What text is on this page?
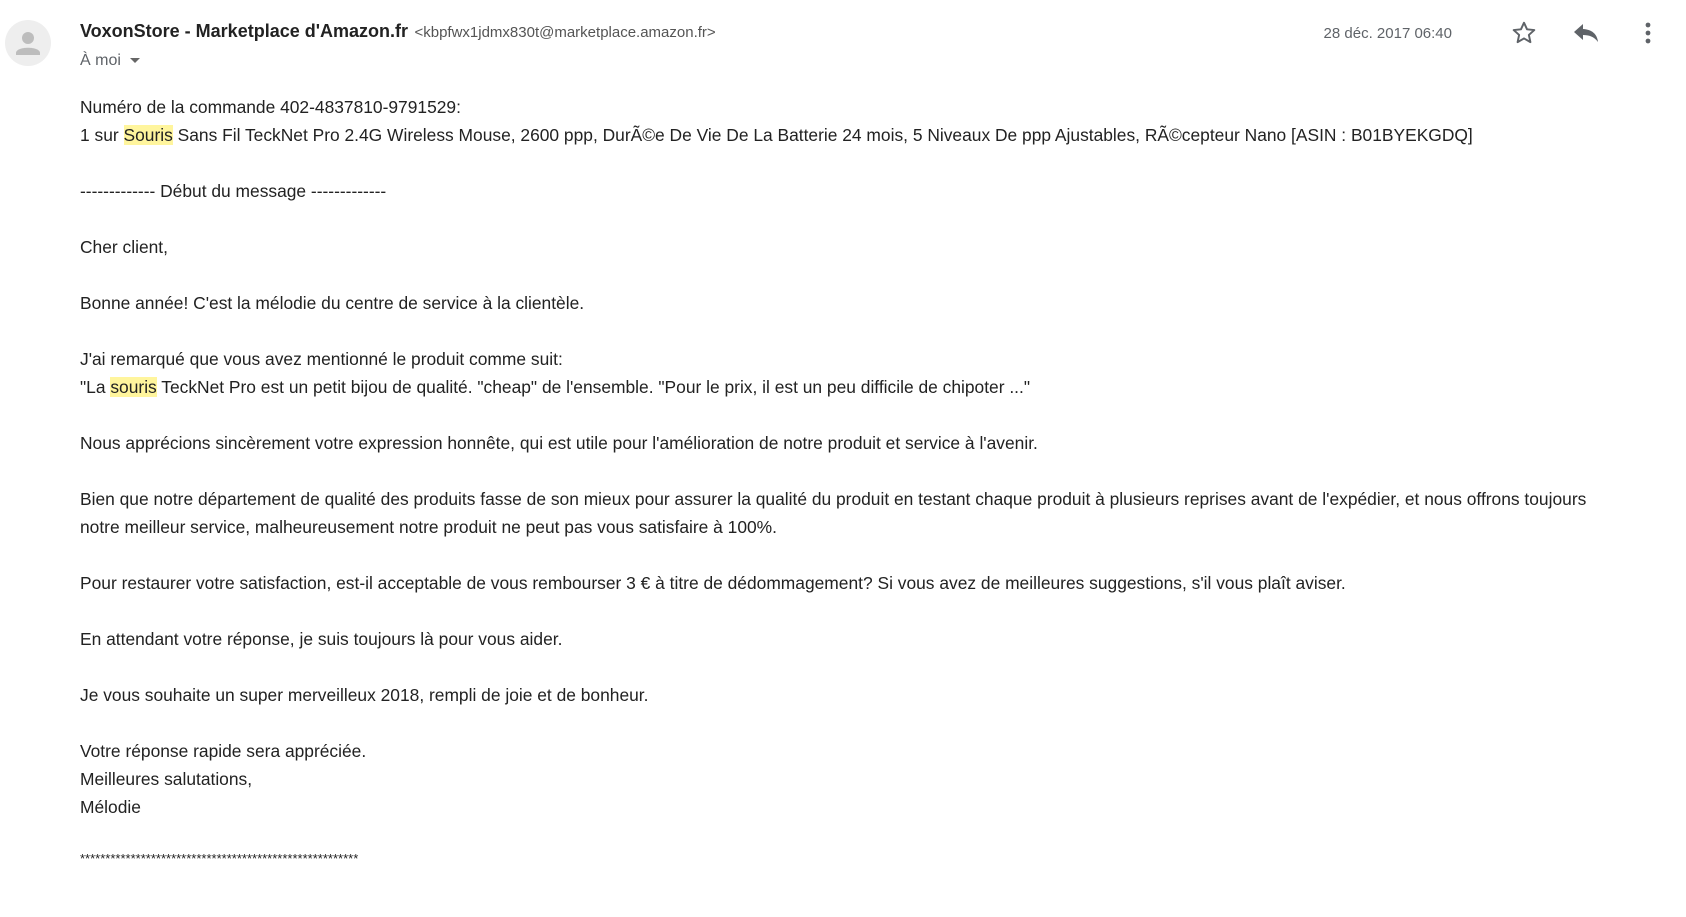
VoxonStore - Marketplace d'Amazon.fr <kbpfwx1jdmx830t@marketplace.amazon.fr>
À moi
28 déc. 2017 06:40

Numéro de la commande 402-4837810-9791529:
1 sur Souris Sans Fil TeckNet Pro 2.4G Wireless Mouse, 2600 ppp, DurÃ©e De Vie De La Batterie 24 mois, 5 Niveaux De ppp Ajustables, RÃ©cepteur Nano [ASIN : B01BYEKGDQ]

------------- Début du message -------------

Cher client,

Bonne année! C'est la mélodie du centre de service à la clientèle.

J'ai remarqué que vous avez mentionné le produit comme suit:
"La souris TeckNet Pro est un petit bijou de qualité. "cheap" de l'ensemble. "Pour le prix, il est un peu difficile de chipoter ..."

Nous apprécions sincèrement votre expression honnête, qui est utile pour l'amélioration de notre produit et service à l'avenir.

Bien que notre département de qualité des produits fasse de son mieux pour assurer la qualité du produit en testant chaque produit à plusieurs reprises avant de l'expédier, et nous offrons toujours notre meilleur service, malheureusement notre produit ne peut pas vous satisfaire à 100%.

Pour restaurer votre satisfaction, est-il acceptable de vous rembourser 3 € à titre de dédommagement? Si vous avez de meilleures suggestions, s'il vous plaît aviser.

En attendant votre réponse, je suis toujours là pour vous aider.

Je vous souhaite un super merveilleux 2018, rempli de joie et de bonheur.

Votre réponse rapide sera appréciée.
Meilleures salutations,
Mélodie

*******************************************************
